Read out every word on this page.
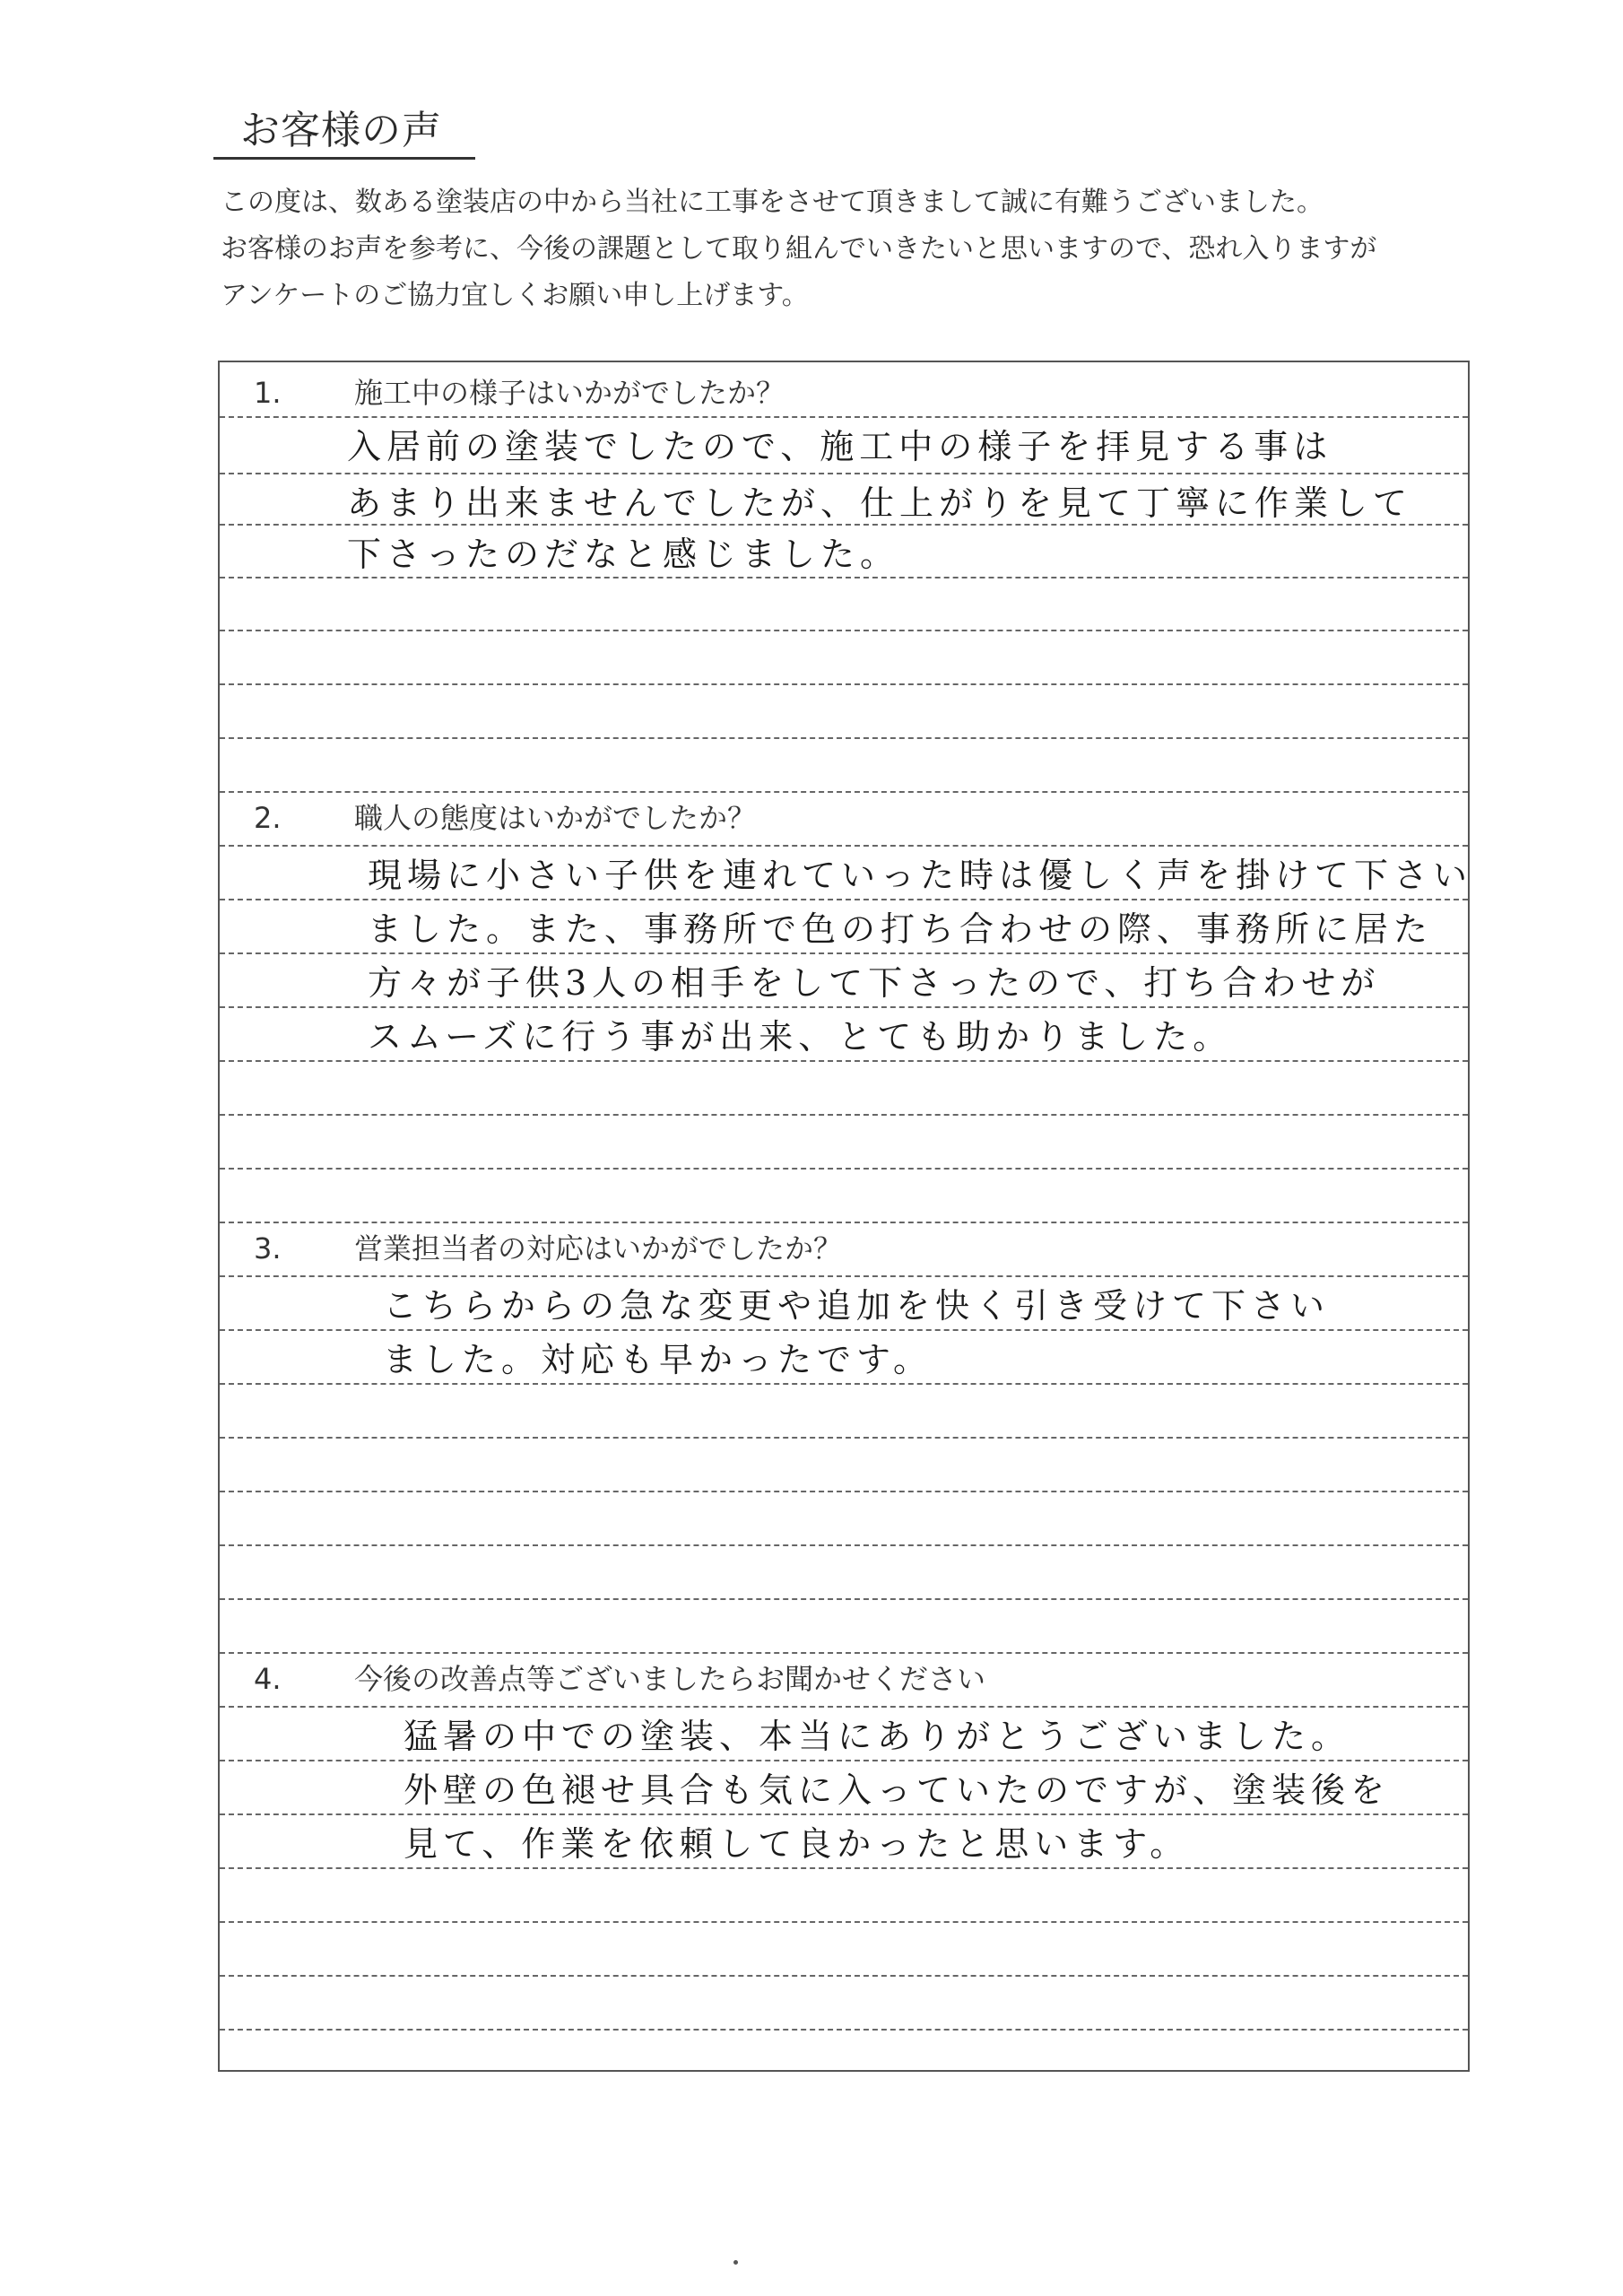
お客様の声

この度は、数ある塗装店の中から当社に工事をさせて頂きまして誠に有難うございました。

お客様のお声を参考に、今後の課題として取り組んでいきたいと思いますので、恐れ入りますが

アンケートのご協力宜しくお願い申し上げます。

1.	施工中の様子はいかがでしたか？
入居前の塗装でしたので、施工中の様子を拝見する事は
あまり出来ませんでしたが、仕上がりを見て丁寧に作業して
下さったのだなと感じました。
2.	職人の態度はいかがでしたか？
現場に小さい子供を連れていった時は優しく声を掛けて下さい
ました。また、事務所で色の打ち合わせの際、事務所に居た
方々が子供3人の相手をして下さったので、打ち合わせが
スムーズに行う事が出来、とても助かりました。
3.	営業担当者の対応はいかがでしたか？
こちらからの急な変更や追加を快く引き受けて下さい
ました。対応も早かったです。
4.	今後の改善点等ございましたらお聞かせください
猛暑の中での塗装、本当にありがとうございました。
外壁の色褪せ具合も気に入っていたのですが、塗装後を
見て、作業を依頼して良かったと思います。
